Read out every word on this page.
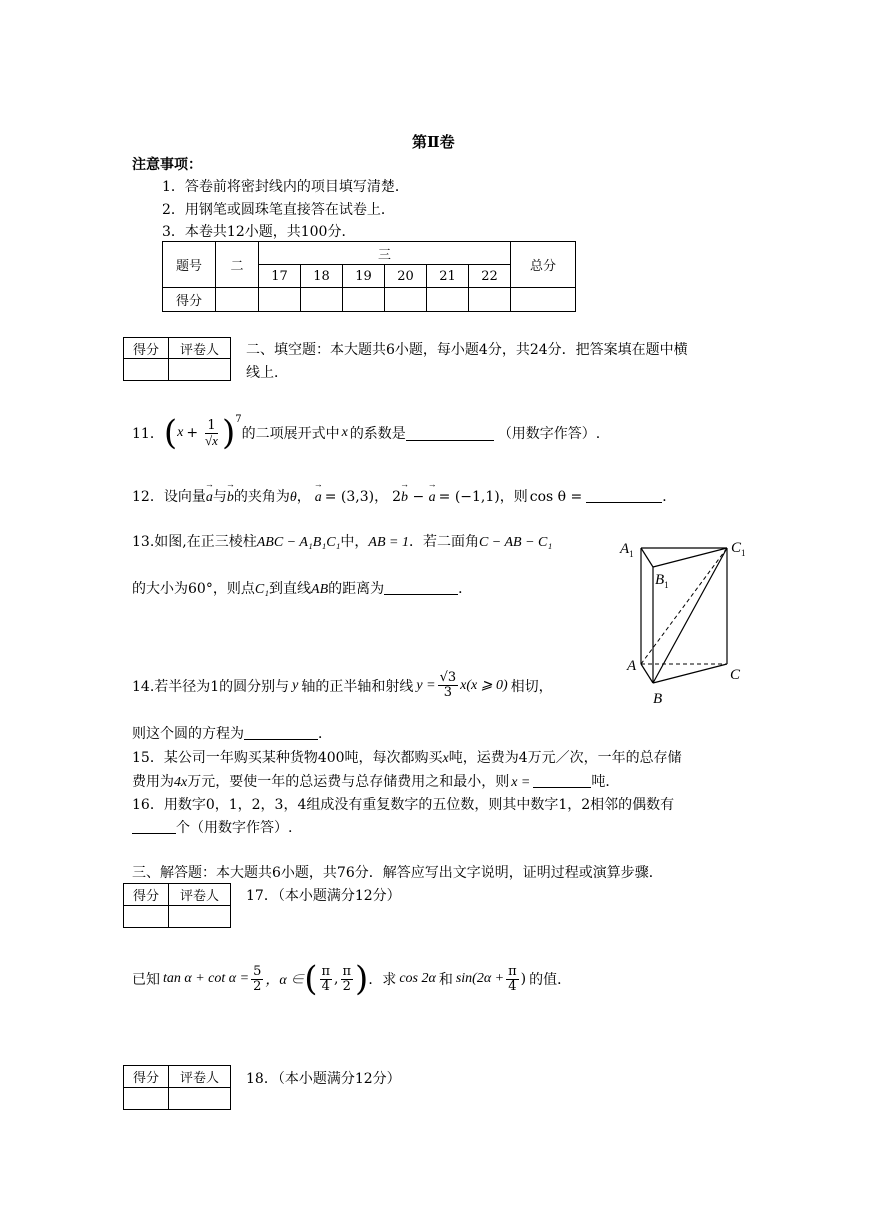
第Ⅱ卷
注意事项：
1．答卷前将密封线内的项目填写清楚．
2．用钢笔或圆珠笔直接答在试卷上．
3．本卷共12小题，共100分．
题号	二	三						总分
		17	18	19	20	21	22	
得分								
得分	评卷人
	二、填空题：本大题共6小题，每小题4分，共24分．把答案填在题中横
线上．
11． ( $x + \frac{1}{√x}$ ) 7
的二项展开式中 x 的系数是	（用数字作答）.
12．设向量→ a与→ b的夹角为θ， → a = (3,3)， 2→ b − → a = (−1,1)，则 cos θ =	．
13.如图,在正三棱柱ABC − A₁B₁C₁中，AB = 1．若二面角C − AB − C₁
的大小为60°，则点C₁到直线AB的距离为	．
$A_1$
$B_1$
$C_1$
A
B
C
14.若半径为1的圆分别与 y 轴的正半轴和射线 $y = \frac{√3}{3} x(x$ ⩾ 0) 相切，
则这个圆的方程为	．
15．某公司一年购买某种货物400吨，每次都购买x吨，运费为4万元／次，一年的总存储
费用为4x万元，要使一年的总运费与总存储费用之和最小，则 x =	吨．
16．用数字0，1，2，3，4组成没有重复数字的五位数，则其中数字1，2相邻的偶数有
个（用数字作答）.
三、解答题：本大题共6小题，共76分．解答应写出文字说明，证明过程或演算步骤．
得分	评卷人
	17．（本小题满分12分）
已知 $\tan \alpha + \cot \alpha = \frac{5}{2}$ ，α ∈ ( $\frac{\pi}{4}$ , $\frac{\pi}{2}$ ) ．求 cos 2α 和 $\sin(2\alpha + \frac{\pi}{4}$ ) 的值．
得分	评卷人
	18．（本小题满分12分）
